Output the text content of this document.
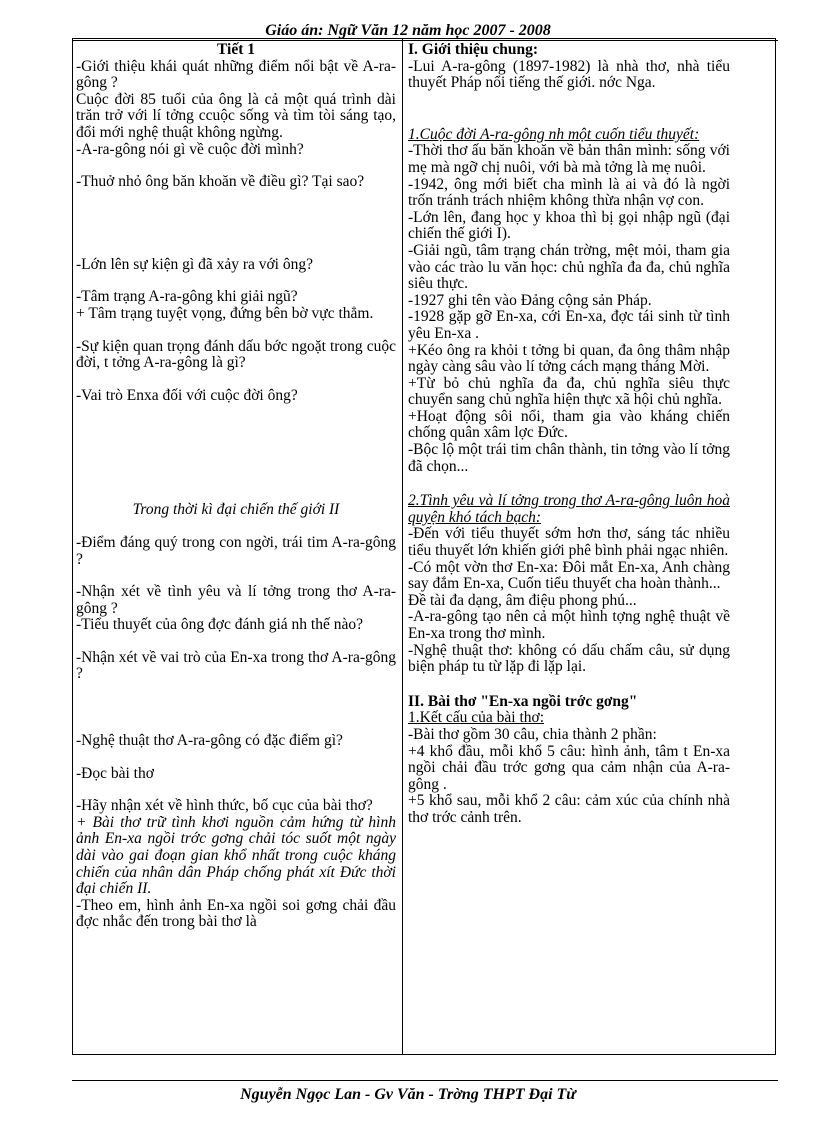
Giáo án: Ngữ Văn 12 năm học 2007 - 2008

Tiết 1

-Giới thiệu khái quát những điểm nổi bật về A-ra-gông ?

Cuộc đời 85 tuổi của ông là cả một quá trình dài trăn trở với lí tởng ccuộc sống và tìm tòi sáng tạo, đổi mới nghệ thuật không ngừng.

-A-ra-gông nói gì về cuộc đời mình?

-Thuở nhỏ ông băn khoăn về điều gì? Tại sao?

-Lớn lên sự kiện gì đã xảy ra với ông?

-Tâm trạng A-ra-gông khi giải ngũ?

+ Tâm trạng tuyệt vọng, đứng bên bờ vực thẳm.

-Sự kiện quan trọng đánh dấu bớc ngoặt trong cuộc đời, t tởng A-ra-gông là gì?

-Vai trò Enxa đối với cuộc đời ông?

Trong thời kì đại chiến thế giới II

-Điểm đáng quý trong con ngời, trái tim A-ra-gông ?

-Nhận xét về tình yêu và lí tởng trong thơ A-ra-gông ?

-Tiểu thuyết của ông đợc đánh giá nh thế nào?

-Nhận xét về vai trò của En-xa trong thơ A-ra-gông ?

-Nghệ thuật thơ A-ra-gông có đặc điểm gì?

-Đọc bài thơ

-Hãy nhận xét về hình thức, bố cục của bài thơ?

+ Bài thơ trữ tình khơi nguồn cảm hứng từ hình ảnh En-xa ngồi trớc gơng chải tóc suốt một ngày dài vào gai đoạn gian khổ nhất trong cuộc kháng chiến của nhân dân Pháp chống phát xít Đức thời đại chiến II.

-Theo em, hình ảnh En-xa ngồi soi gơng chải đầu đợc nhắc đến trong bài thơ là

I. Giới thiệu chung:

-Lui A-ra-gông (1897-1982) là nhà thơ, nhà tiểu thuyết Pháp nổi tiếng thế giới. nớc Nga.

1.Cuộc đời A-ra-gông nh một cuốn tiểu thuyết:

-Thời thơ ấu băn khoăn về bản thân mình: sống với mẹ mà ngỡ chị nuôi, với bà mà tởng là mẹ nuôi.

-1942, ông mới biết cha mình là ai và đó là ngời trốn tránh trách nhiệm không thừa nhận vợ con.

-Lớn lên, đang học y khoa thì bị gọi nhập ngũ (đại chiến thế giới I).

-Giải ngũ, tâm trạng chán trờng, mệt mỏi, tham gia vào các trào lu văn học: chủ nghĩa đa đa, chủ nghĩa siêu thực.

-1927 ghi tên vào Đảng cộng sản Pháp.

-1928 gặp gỡ En-xa, cới En-xa, đợc tái sinh từ tình yêu En-xa .

+Kéo ông ra khỏi t tởng bi quan, đa ông thâm nhập ngày càng sâu vào lí tởng cách mạng tháng Mời.

+Từ bỏ chủ nghĩa đa đa, chủ nghĩa siêu thực chuyển sang chủ nghĩa hiện thực xã hội chủ nghĩa.

+Hoạt động sôi nổi, tham gia vào kháng chiến chống quân xâm lợc Đức.

-Bộc lộ một trái tim chân thành, tin tởng vào lí tởng đã chọn...

2.Tình yêu và lí tởng trong thơ A-ra-gông luôn hoà quyện khó tách bạch:

-Đến với tiểu thuyết sớm hơn thơ, sáng tác nhiều tiểu thuyết lớn khiến giới phê bình phải ngạc nhiên.

-Có một vờn thơ En-xa: Đôi mắt En-xa, Anh chàng say đắm En-xa, Cuốn tiểu thuyết cha hoàn thành...

Đề tài đa dạng, âm điệu phong phú...

-A-ra-gông tạo nên cả một hình tợng nghệ thuật về En-xa trong thơ mình.

-Nghệ thuật thơ: không có dấu chấm câu, sử dụng biện pháp tu từ lặp đi lặp lại.

II. Bài thơ "En-xa ngồi trớc gơng"

1.Kết cấu của bài thơ:

-Bài thơ gồm 30 câu, chia thành 2 phần:

+4 khổ đầu, mỗi khổ 5 câu: hình ảnh, tâm t En-xa ngồi chải đầu trớc gơng qua cảm nhận của A-ra-gông .

+5 khổ sau, mỗi khổ 2 câu: cảm xúc của chính nhà thơ trớc cảnh trên.

Nguyễn Ngọc Lan - Gv Văn - Trờng THPT Đại Từ
